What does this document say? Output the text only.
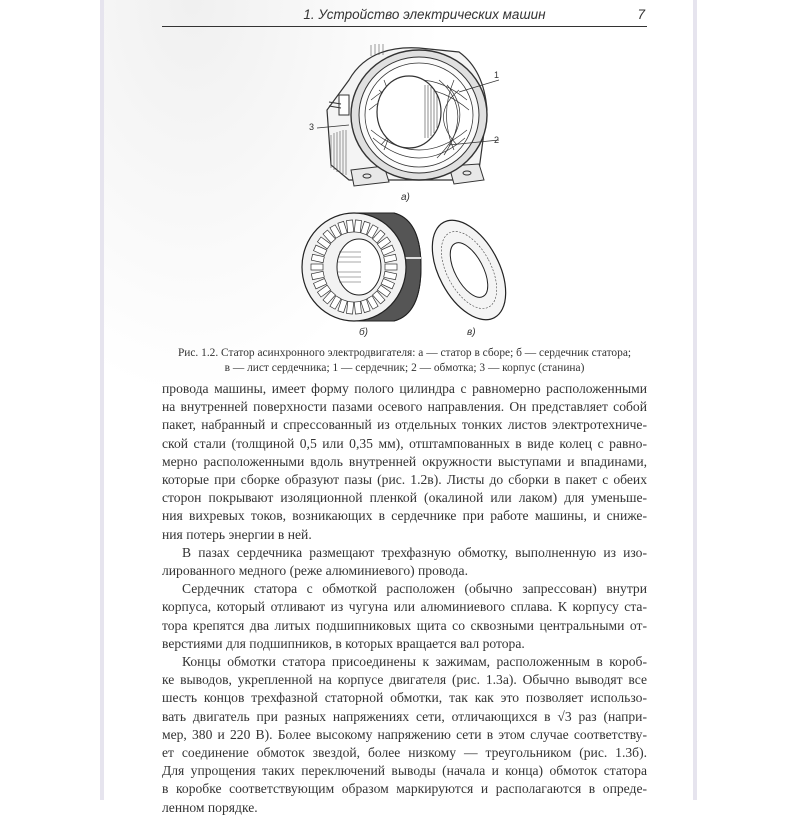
1. Устройство электрических машин	7
1
2
3
а)
б)	в)
Рис. 1.2. Статор асинхронного электродвигателя: а — статор в сборе; б — сердечник статора;
в — лист сердечника; 1 — сердечник; 2 — обмотка; 3 — корпус (станина)
провода машины, имеет форму полого цилиндра с равномерно расположенными
на внутренней поверхности пазами осевого направления. Он представляет собой
пакет, набранный и спрессованный из отдельных тонких листов электротехниче-
ской стали (толщиной 0,5 или 0,35 мм), отштампованных в виде колец с равно-
мерно расположенными вдоль внутренней окружности выступами и впадинами,
которые при сборке образуют пазы (рис. 1.2в). Листы до сборки в пакет с обеих
сторон покрывают изоляционной пленкой (окалиной или лаком) для уменьше-
ния вихревых токов, возникающих в сердечнике при работе машины, и сниже-
ния потерь энергии в ней.
В пазах сердечника размещают трехфазную обмотку, выполненную из изо-
лированного медного (реже алюминиевого) провода.
Сердечник статора с обмоткой расположен (обычно запрессован) внутри
корпуса, который отливают из чугуна или алюминиевого сплава. К корпусу ста-
тора крепятся два литых подшипниковых щита со сквозными центральными от-
верстиями для подшипников, в которых вращается вал ротора.
Концы обмотки статора присоединены к зажимам, расположенным в короб-
ке выводов, укрепленной на корпусе двигателя (рис. 1.3а). Обычно выводят все
шесть концов трехфазной статорной обмотки, так как это позволяет использо-
вать двигатель при разных напряжениях сети, отличающихся в √3 раз (напри-
мер, 380 и 220 В). Более высокому напряжению сети в этом случае соответству-
ет соединение обмоток звездой, более низкому — треугольником (рис. 1.3б).
Для упрощения таких переключений выводы (начала и конца) обмоток статора
в коробке соответствующим образом маркируются и располагаются в опреде-
ленном порядке.
